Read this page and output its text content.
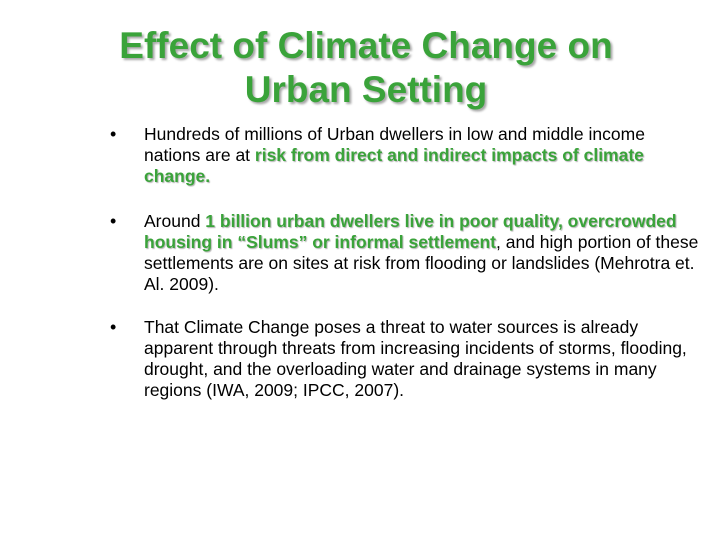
Effect of Climate Change on
Urban Setting
•	Hundreds of millions of Urban dwellers in low and middle income nations are at risk from direct and indirect impacts of climate change.
•	Around 1 billion urban dwellers live in poor quality, overcrowded housing in “Slums” or informal settlement, and high portion of these settlements are on sites at risk from flooding or landslides (Mehrotra et. Al. 2009).
•	That Climate Change poses a threat to water sources is already apparent through threats from increasing incidents of storms, flooding, drought, and the overloading water and drainage systems in many regions (IWA, 2009; IPCC, 2007).
